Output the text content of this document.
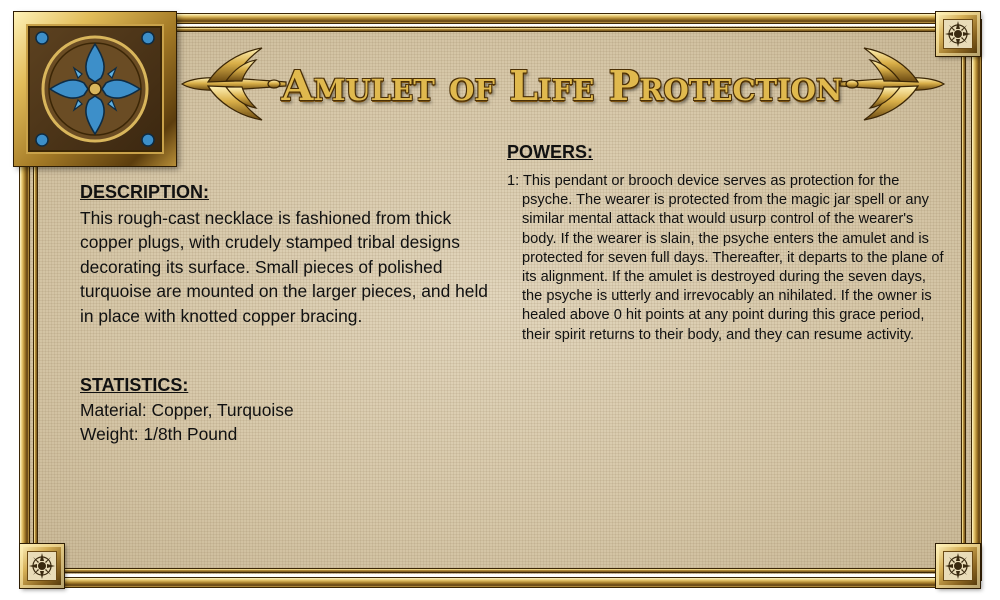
Amulet of Life Protection
DESCRIPTION:
This rough-cast necklace is fashioned from thick copper plugs, with crudely stamped tribal designs decorating its surface. Small pieces of polished turquoise are mounted on the larger pieces, and held in place with knotted copper bracing.
STATISTICS:
Material: Copper, Turquoise
Weight: 1/8th Pound
POWERS:
1: This pendant or brooch device serves as protection for the psyche. The wearer is protected from the magic jar spell or any similar mental attack that would usurp control of the wearer's body. If the wearer is slain, the psyche enters the amulet and is protected for seven full days. Thereafter, it departs to the plane of its alignment. If the amulet is destroyed during the seven days, the psyche is utterly and irrevocably an nihilated. If the owner is healed above 0 hit points at any point during this grace period, their spirit returns to their body, and they can resume activity.
